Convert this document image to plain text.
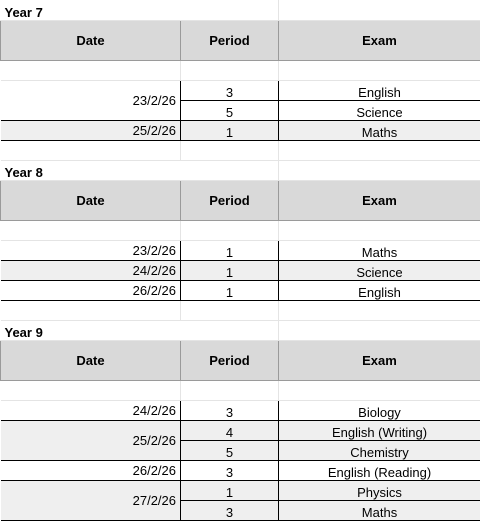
Year 7		
Date	Period	Exam

23/2/26	3	English
	5	Science
25/2/26	1	Maths

Year 8		
Date	Period	Exam

23/2/26	1	Maths
24/2/26	1	Science
26/2/26	1	English

Year 9		
Date	Period	Exam

24/2/26	3	Biology
25/2/26	4	English (Writing)
	5	Chemistry
26/2/26	3	English (Reading)
27/2/26	1	Physics
	3	Maths
